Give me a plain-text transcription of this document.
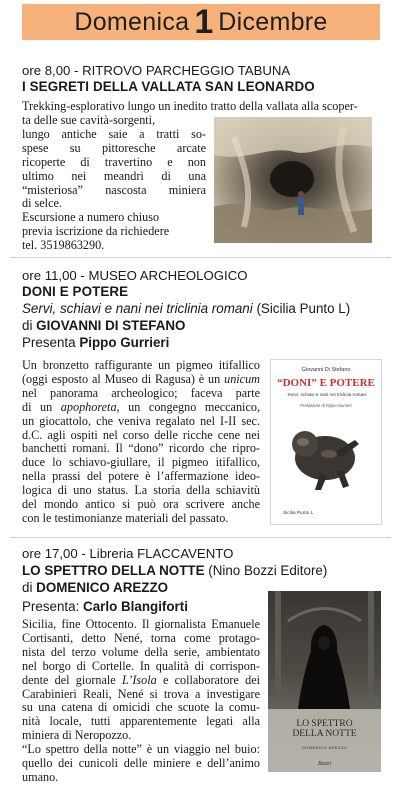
Domenica 1 Dicembre
ore 8,00 - RITROVO PARCHEGGIO TABUNA
I SEGRETI DELLA VALLATA SAN LEONARDO

Trekking-esplorativo lungo un inedito tratto della vallata alla scoper-

ta delle sue cavità-sorgenti,

lungo antiche saie a tratti so-

spese su pittoresche arcate

ricoperte di travertino e non

ultimo nei meandri di una

“misteriosa” nascosta miniera

di selce.

Escursione a numero chiuso

previa iscrizione da richiedere

tel. 3519863290.

ore 11,00 - MUSEO ARCHEOLOGICO
DONI E POTERE
Servi, schiavi e nani nei triclinia romani (Sicilia Punto L)
di GIOVANNI DI STEFANO
Presenta Pippo Gurrieri

Un bronzetto raffigurante un pigmeo itifallico

(oggi esposto al Museo di Ragusa) è un unicum

nel panorama archeologico; faceva parte

di un apophoreta, un congegno meccanico,

un giocattolo, che veniva regalato nel I-II sec.

d.C. agli ospiti nel corso delle ricche cene nei

banchetti romani. Il “dono” ricordo che ripro-

duce lo schiavo-giullare, il pigmeo itifallico,

nella prassi del potere è l’affermazione ideo-

logica di uno status. La storia della schiavitù

del mondo antico si può ora scrivere anche

con le testimonianze materiali del passato.

Giovanni Di Stefano
“DONI” E POTERE
Servi, schiavi e nani nei triclinia romani
Prefazione di Pippo Gurrieri
Sicilia Punto L
ore 17,00 - Libreria FLACCAVENTO
LO SPETTRO DELLA NOTTE (Nino Bozzi Editore)
di DOMENICO AREZZO
Presenta: Carlo Blangiforti

Sicilia, fine Ottocento. Il giornalista Emanuele

Cortisanti, detto Nené, torna come protago-

nista del terzo volume della serie, ambientato

nel borgo di Cortelle. In qualità di corrispon-

dente del giornale L’Isola e collaboratore dei

Carabinieri Reali, Nené si trova a investigare

su una catena di omicidi che scuote la comu-

nità locale, tutti apparentemente legati alla

miniera di Neropozzo.

“Lo spettro della notte” è un viaggio nel buio:

quello dei cunicoli delle miniere e dell’animo

umano.

LO SPETTRO
DELLA NOTTE
DOMENICO AREZZO
Bozzi
